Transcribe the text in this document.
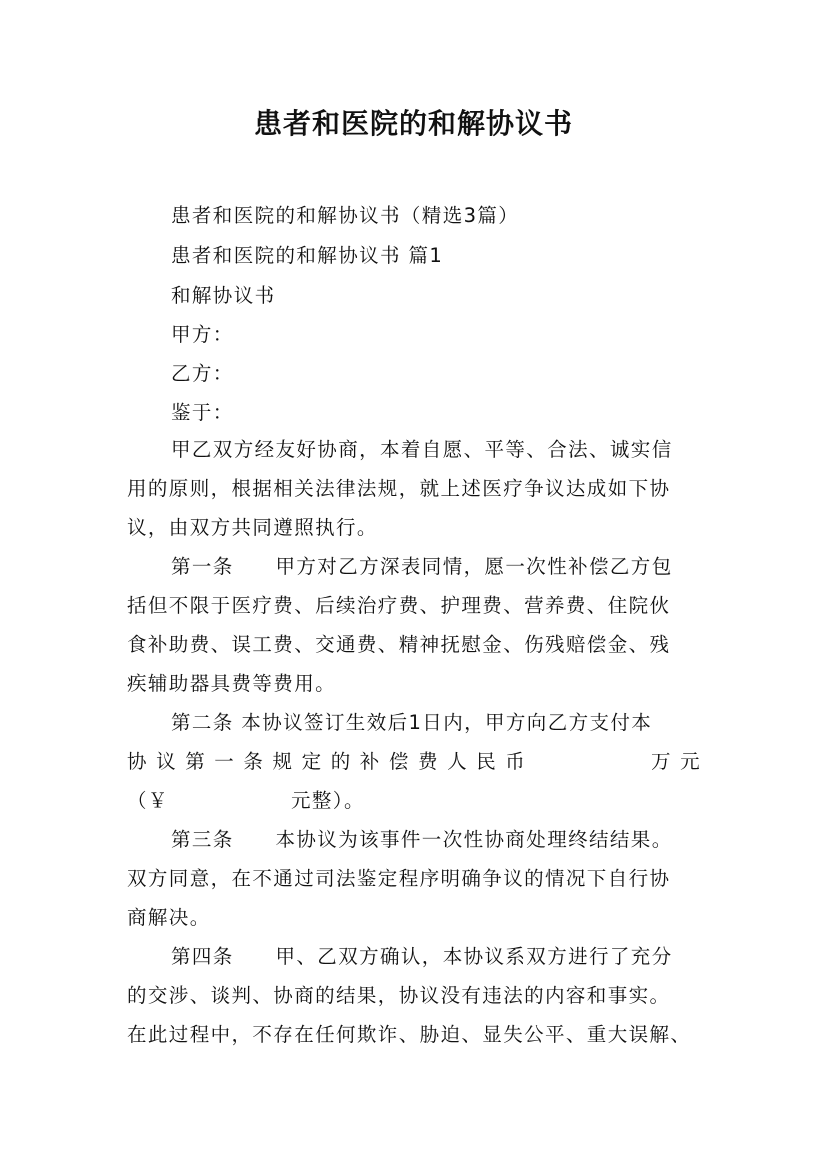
患者和医院的和解协议书
患者和医院的和解协议书（精选3篇）
患者和医院的和解协议书 篇1
和解协议书
甲方：
乙方：
鉴于：
甲乙双方经友好协商，本着自愿、平等、合法、诚实信
用的原则，根据相关法律法规，就上述医疗争议达成如下协
议，由双方共同遵照执行。
第一条　　甲方对乙方深表同情，愿一次性补偿乙方包
括但不限于医疗费、后续治疗费、护理费、营养费、住院伙
食补助费、误工费、交通费、精神抚慰金、伤残赔偿金、残
疾辅助器具费等费用。
第二条 本协议签订生效后1日内，甲方向乙方支付本
协议第一条规定的补偿费人民币	万元
（￥	元整）。
第三条　　本协议为该事件一次性协商处理终结结果。
双方同意，在不通过司法鉴定程序明确争议的情况下自行协
商解决。
第四条　　甲、乙双方确认，本协议系双方进行了充分
的交涉、谈判、协商的结果，协议没有违法的内容和事实。
在此过程中，不存在任何欺诈、胁迫、显失公平、重大误解、
